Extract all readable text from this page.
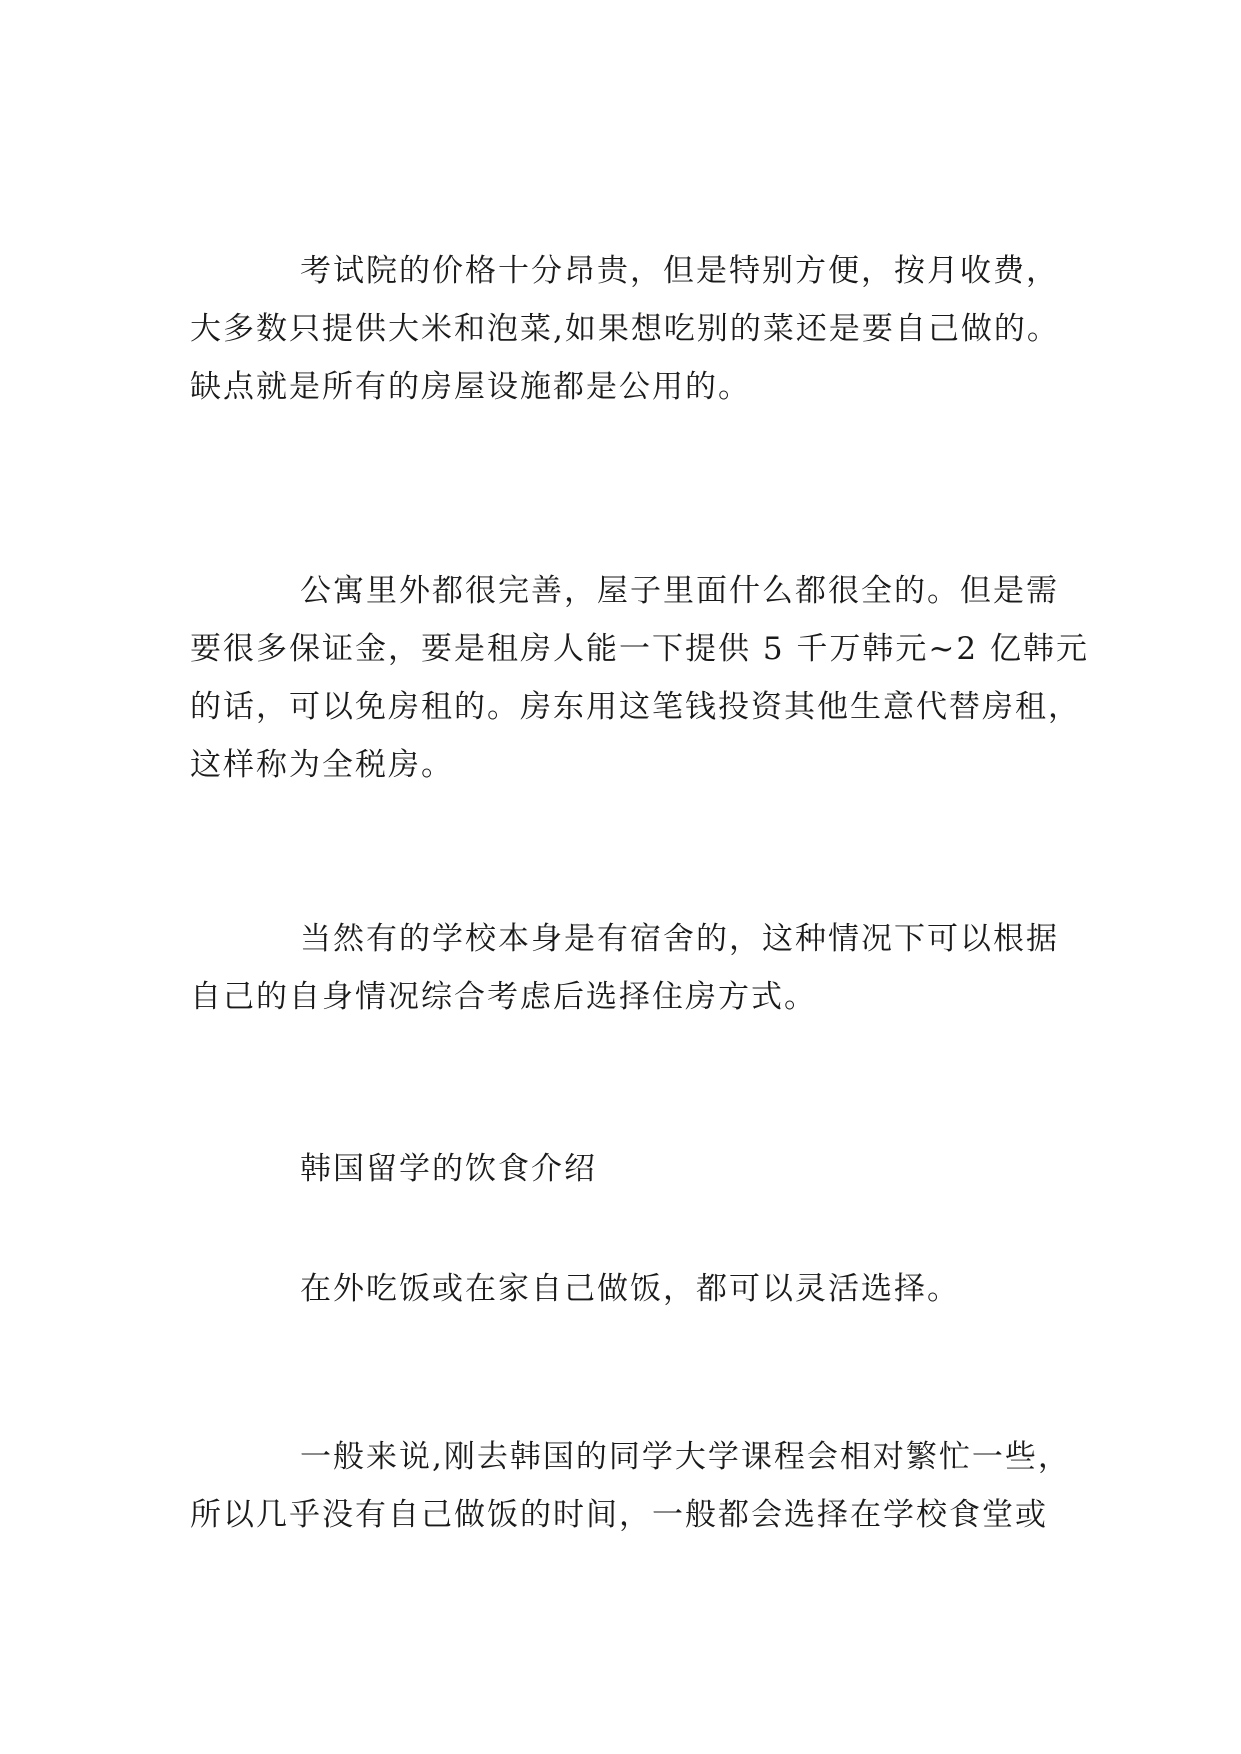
考试院的价格十分昂贵，但是特别方便，按月收费，
大多数只提供大米和泡菜,如果想吃别的菜还是要自己做的。
缺点就是所有的房屋设施都是公用的。
公寓里外都很完善，屋子里面什么都很全的。但是需
要很多保证金，要是租房人能一下提供 5 千万韩元~2 亿韩元
的话，可以免房租的。房东用这笔钱投资其他生意代替房租，
这样称为全税房。
当然有的学校本身是有宿舍的，这种情况下可以根据
自己的自身情况综合考虑后选择住房方式。
韩国留学的饮食介绍
在外吃饭或在家自己做饭，都可以灵活选择。
一般来说,刚去韩国的同学大学课程会相对繁忙一些，
所以几乎没有自己做饭的时间，一般都会选择在学校食堂或
